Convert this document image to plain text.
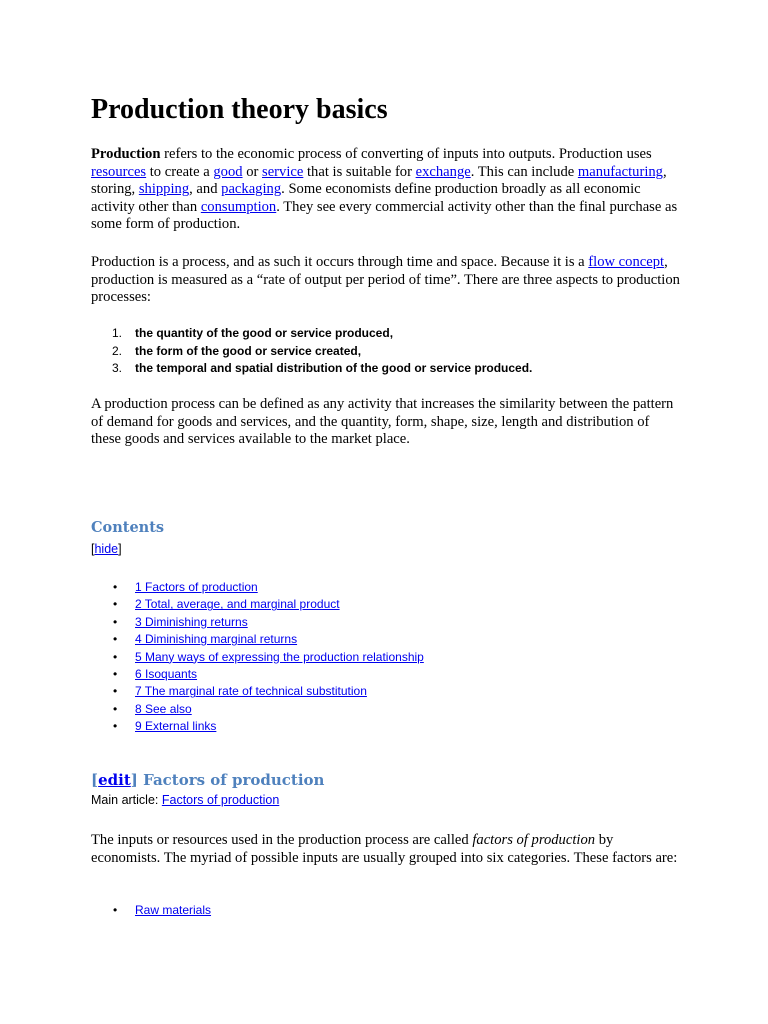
Production theory basics

Production refers to the economic process of converting of inputs into outputs. Production uses resources to create a good or service that is suitable for exchange. This can include manufacturing, storing, shipping, and packaging. Some economists define production broadly as all economic activity other than consumption. They see every commercial activity other than the final purchase as some form of production.

Production is a process, and as such it occurs through time and space. Because it is a flow concept, production is measured as a “rate of output per period of time”. There are three aspects to production processes:

1. the quantity of the good or service produced,
2. the form of the good or service created,
3. the temporal and spatial distribution of the good or service produced.

A production process can be defined as any activity that increases the similarity between the pattern of demand for goods and services, and the quantity, form, shape, size, length and distribution of these goods and services available to the market place.

Contents
[hide]
• 1 Factors of production
• 2 Total, average, and marginal product
• 3 Diminishing returns
• 4 Diminishing marginal returns
• 5 Many ways of expressing the production relationship
• 6 Isoquants
• 7 The marginal rate of technical substitution
• 8 See also
• 9 External links
[edit] Factors of production
Main article: Factors of production

The inputs or resources used in the production process are called factors of production by economists. The myriad of possible inputs are usually grouped into six categories. These factors are:

• Raw materials
